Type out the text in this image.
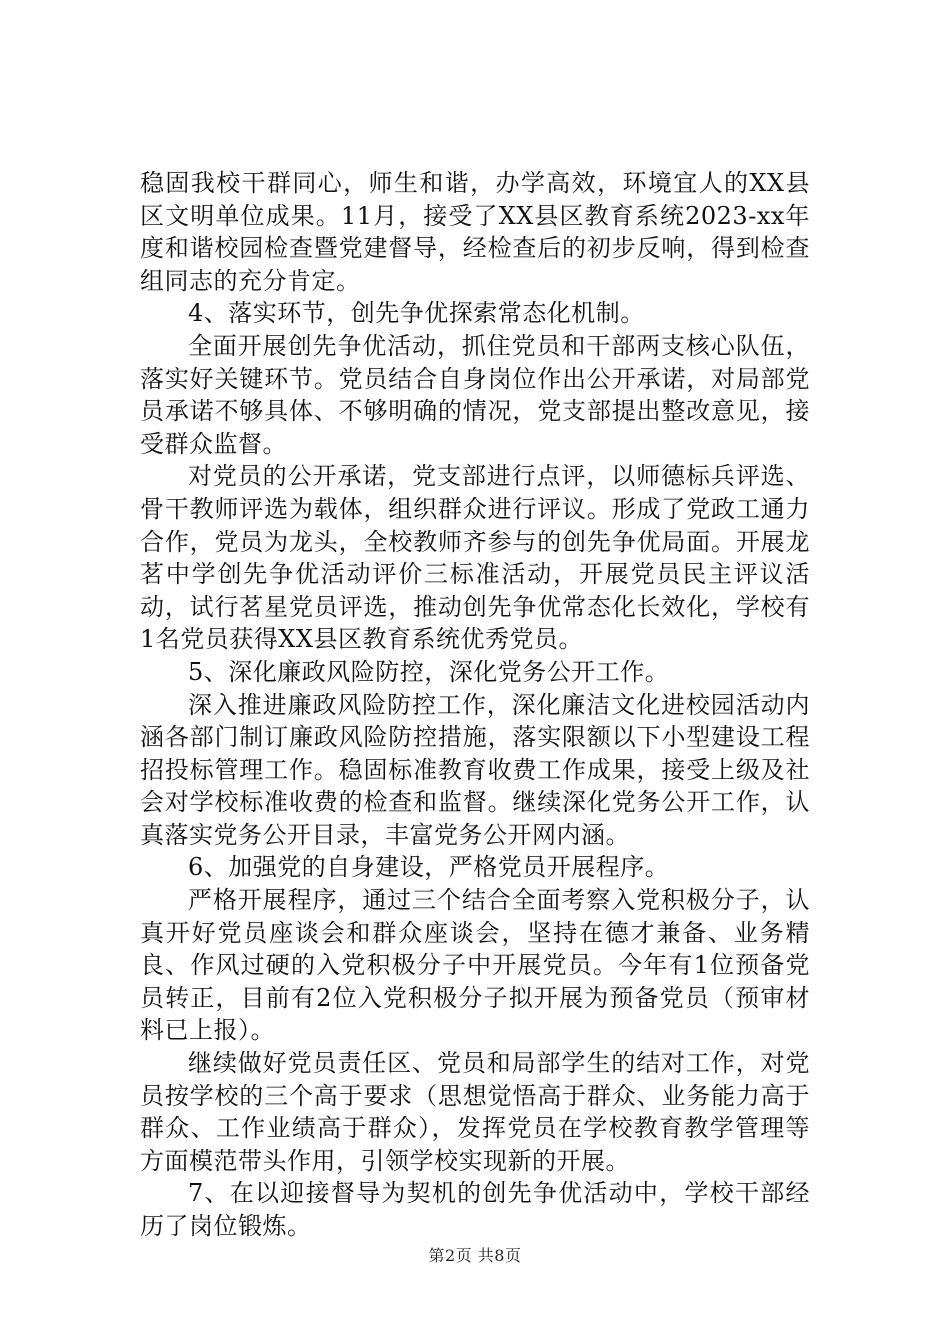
稳固我校干群同心，师生和谐，办学高效，环境宜人的XX县区文明单位成果。11月，接受了XX县区教育系统2023-xx年度和谐校园检查暨党建督导，经检查后的初步反响，得到检查组同志的充分肯定。

4、落实环节，创先争优探索常态化机制。

全面开展创先争优活动，抓住党员和干部两支核心队伍，落实好关键环节。党员结合自身岗位作出公开承诺，对局部党员承诺不够具体、不够明确的情况，党支部提出整改意见，接受群众监督。

对党员的公开承诺，党支部进行点评，以师德标兵评选、骨干教师评选为载体，组织群众进行评议。形成了党政工通力合作，党员为龙头，全校教师齐参与的创先争优局面。开展龙茗中学创先争优活动评价三标准活动，开展党员民主评议活动，试行茗星党员评选，推动创先争优常态化长效化，学校有1名党员获得XX县区教育系统优秀党员。

5、深化廉政风险防控，深化党务公开工作。

深入推进廉政风险防控工作，深化廉洁文化进校园活动内涵各部门制订廉政风险防控措施，落实限额以下小型建设工程招投标管理工作。稳固标准教育收费工作成果，接受上级及社会对学校标准收费的检查和监督。继续深化党务公开工作，认真落实党务公开目录，丰富党务公开网内涵。

6、加强党的自身建设，严格党员开展程序。

严格开展程序，通过三个结合全面考察入党积极分子，认真开好党员座谈会和群众座谈会，坚持在德才兼备、业务精良、作风过硬的入党积极分子中开展党员。今年有1位预备党员转正，目前有2位入党积极分子拟开展为预备党员（预审材料已上报）。

继续做好党员责任区、党员和局部学生的结对工作，对党员按学校的三个高于要求（思想觉悟高于群众、业务能力高于群众、工作业绩高于群众），发挥党员在学校教育教学管理等方面模范带头作用，引领学校实现新的开展。

7、在以迎接督导为契机的创先争优活动中，学校干部经历了岗位锻炼。

第2页 共8页
